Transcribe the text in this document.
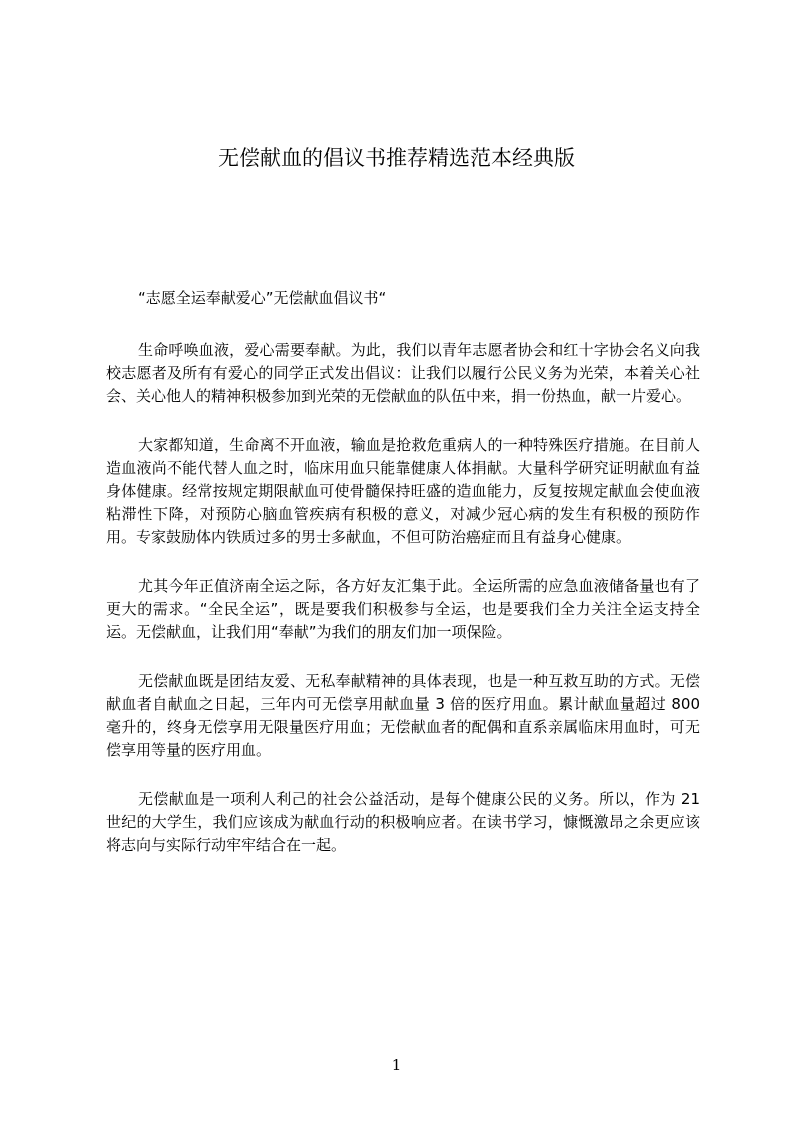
无偿献血的倡议书推荐精选范本经典版

“志愿全运奉献爱心”无偿献血倡议书“

生命呼唤血液，爱心需要奉献。为此，我们以青年志愿者协会和红十字协会名义向我校志愿者及所有有爱心的同学正式发出倡议：让我们以履行公民义务为光荣，本着关心社会、关心他人的精神积极参加到光荣的无偿献血的队伍中来，捐一份热血，献一片爱心。

大家都知道，生命离不开血液，输血是抢救危重病人的一种特殊医疗措施。在目前人造血液尚不能代替人血之时，临床用血只能靠健康人体捐献。大量科学研究证明献血有益身体健康。经常按规定期限献血可使骨髓保持旺盛的造血能力，反复按规定献血会使血液粘滞性下降，对预防心脑血管疾病有积极的意义，对减少冠心病的发生有积极的预防作用。专家鼓励体内铁质过多的男士多献血，不但可防治癌症而且有益身心健康。

尤其今年正值济南全运之际，各方好友汇集于此。全运所需的应急血液储备量也有了更大的需求。“全民全运”，既是要我们积极参与全运，也是要我们全力关注全运支持全运。无偿献血，让我们用“奉献”为我们的朋友们加一项保险。

无偿献血既是团结友爱、无私奉献精神的具体表现，也是一种互救互助的方式。无偿献血者自献血之日起，三年内可无偿享用献血量 3 倍的医疗用血。累计献血量超过 800 毫升的，终身无偿享用无限量医疗用血；无偿献血者的配偶和直系亲属临床用血时，可无偿享用等量的医疗用血。

无偿献血是一项利人利己的社会公益活动，是每个健康公民的义务。所以，作为 21 世纪的大学生，我们应该成为献血行动的积极响应者。在读书学习，慷慨激昂之余更应该将志向与实际行动牢牢结合在一起。

1
